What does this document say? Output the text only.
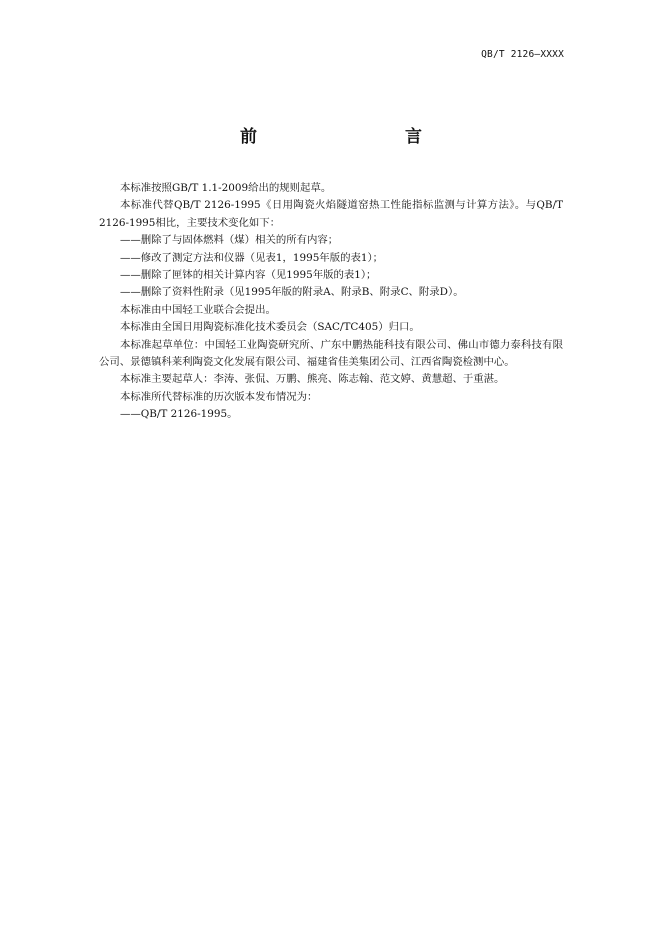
QB/T 2126—XXXX
前　　言

本标准按照GB/T 1.1-2009给出的规则起草。

本标准代替QB/T 2126-1995《日用陶瓷火焰隧道窑热工性能指标监测与计算方法》。与QB/T 2126-1995相比，主要技术变化如下：

——删除了与固体燃料（煤）相关的所有内容；

——修改了测定方法和仪器（见表1，1995年版的表1）；

——删除了匣钵的相关计算内容（见1995年版的表1）；

——删除了资料性附录（见1995年版的附录A、附录B、附录C、附录D）。

本标准由中国轻工业联合会提出。

本标准由全国日用陶瓷标准化技术委员会（SAC/TC405）归口。

本标准起草单位：中国轻工业陶瓷研究所、广东中鹏热能科技有限公司、佛山市德力泰科技有限公司、景德镇科莱利陶瓷文化发展有限公司、福建省佳美集团公司、江西省陶瓷检测中心。

本标准主要起草人：李涛、张侃、万鹏、熊亮、陈志翰、范文婷、黄慧超、于重湛。

本标准所代替标准的历次版本发布情况为：

——QB/T 2126-1995。
